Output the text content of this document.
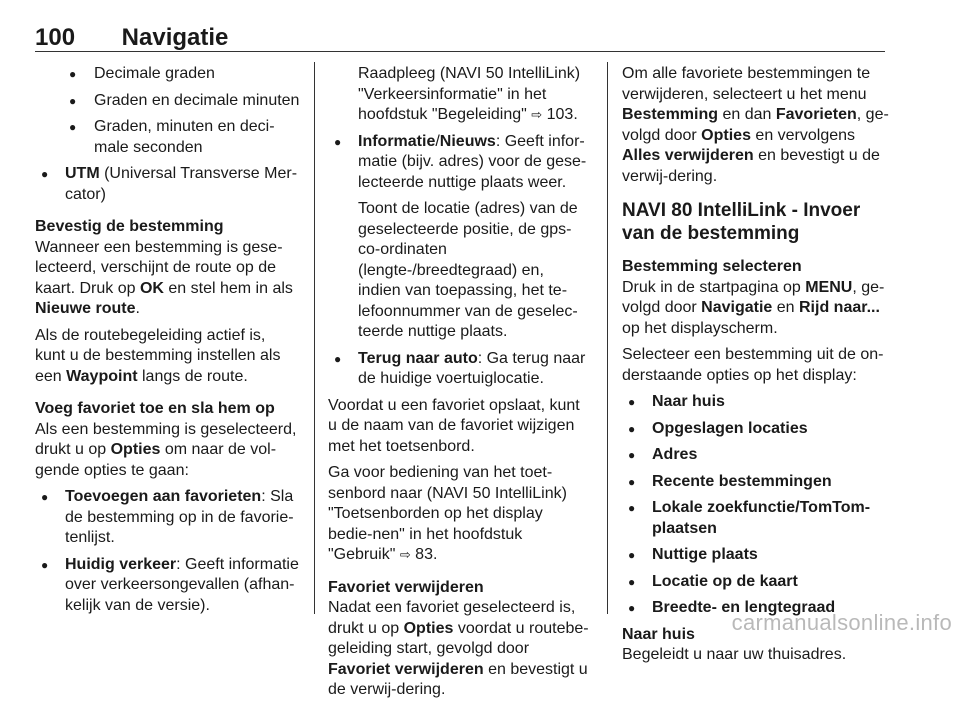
100 Navigatie
● Decimale graden
● Graden en decimale minuten
● Graden, minuten en deci-male seconden
● UTM (Universal Transverse Mer-cator)

Bevestig de bestemming

Wanneer een bestemming is gese-lecteerd, verschijnt de route op de kaart. Druk op OK en stel hem in als Nieuwe route.

Als de routebegeleiding actief is, kunt u de bestemming instellen als een Waypoint langs de route.

Voeg favoriet toe en sla hem op

Als een bestemming is geselecteerd, drukt u op Opties om naar de vol-gende opties te gaan:

● Toevoegen aan favorieten: Sla de bestemming op in de favorie-tenlijst.
● Huidig verkeer: Geeft informatie over verkeersongevallen (afhan-kelijk van de versie).

Raadpleeg (NAVI 50 IntelliLink) "Verkeersinformatie" in het hoofdstuk "Begeleiding" ⇨ 103.

● Informatie/Nieuws: Geeft infor-matie (bijv. adres) voor de gese-lecteerde nuttige plaats weer.

Toont de locatie (adres) van de geselecteerde positie, de gps-co-ordinaten (lengte-/breedtegraad) en, indien van toepassing, het te-lefoonnummer van de geselec-teerde nuttige plaats.

● Terug naar auto: Ga terug naar de huidige voertuiglocatie.

Voordat u een favoriet opslaat, kunt u de naam van de favoriet wijzigen met het toetsenbord.

Ga voor bediening van het toet-senbord naar (NAVI 50 IntelliLink) "Toetsenborden op het display bedie-nen" in het hoofdstuk "Gebruik" ⇨ 83.

Favoriet verwijderen

Nadat een favoriet geselecteerd is, drukt u op Opties voordat u routebe-geleiding start, gevolgd door Favoriet verwijderen en bevestigt u de verwij-dering.

Om alle favoriete bestemmingen te verwijderen, selecteert u het menu Bestemming en dan Favorieten, ge-volgd door Opties en vervolgens Alles verwijderen en bevestigt u de verwij-dering.

NAVI 80 IntelliLink - Invoer van de bestemming

Bestemming selecteren

Druk in de startpagina op MENU, ge-volgd door Navigatie en Rijd naar... op het displayscherm.

Selecteer een bestemming uit de on-derstaande opties op het display:

● Naar huis
● Opgeslagen locaties
● Adres
● Recente bestemmingen
● Lokale zoekfunctie/TomTom-plaatsen
● Nuttige plaats
● Locatie op de kaart
● Breedte- en lengtegraad

Naar huis

Begeleidt u naar uw thuisadres.

carmanualsonline.info
